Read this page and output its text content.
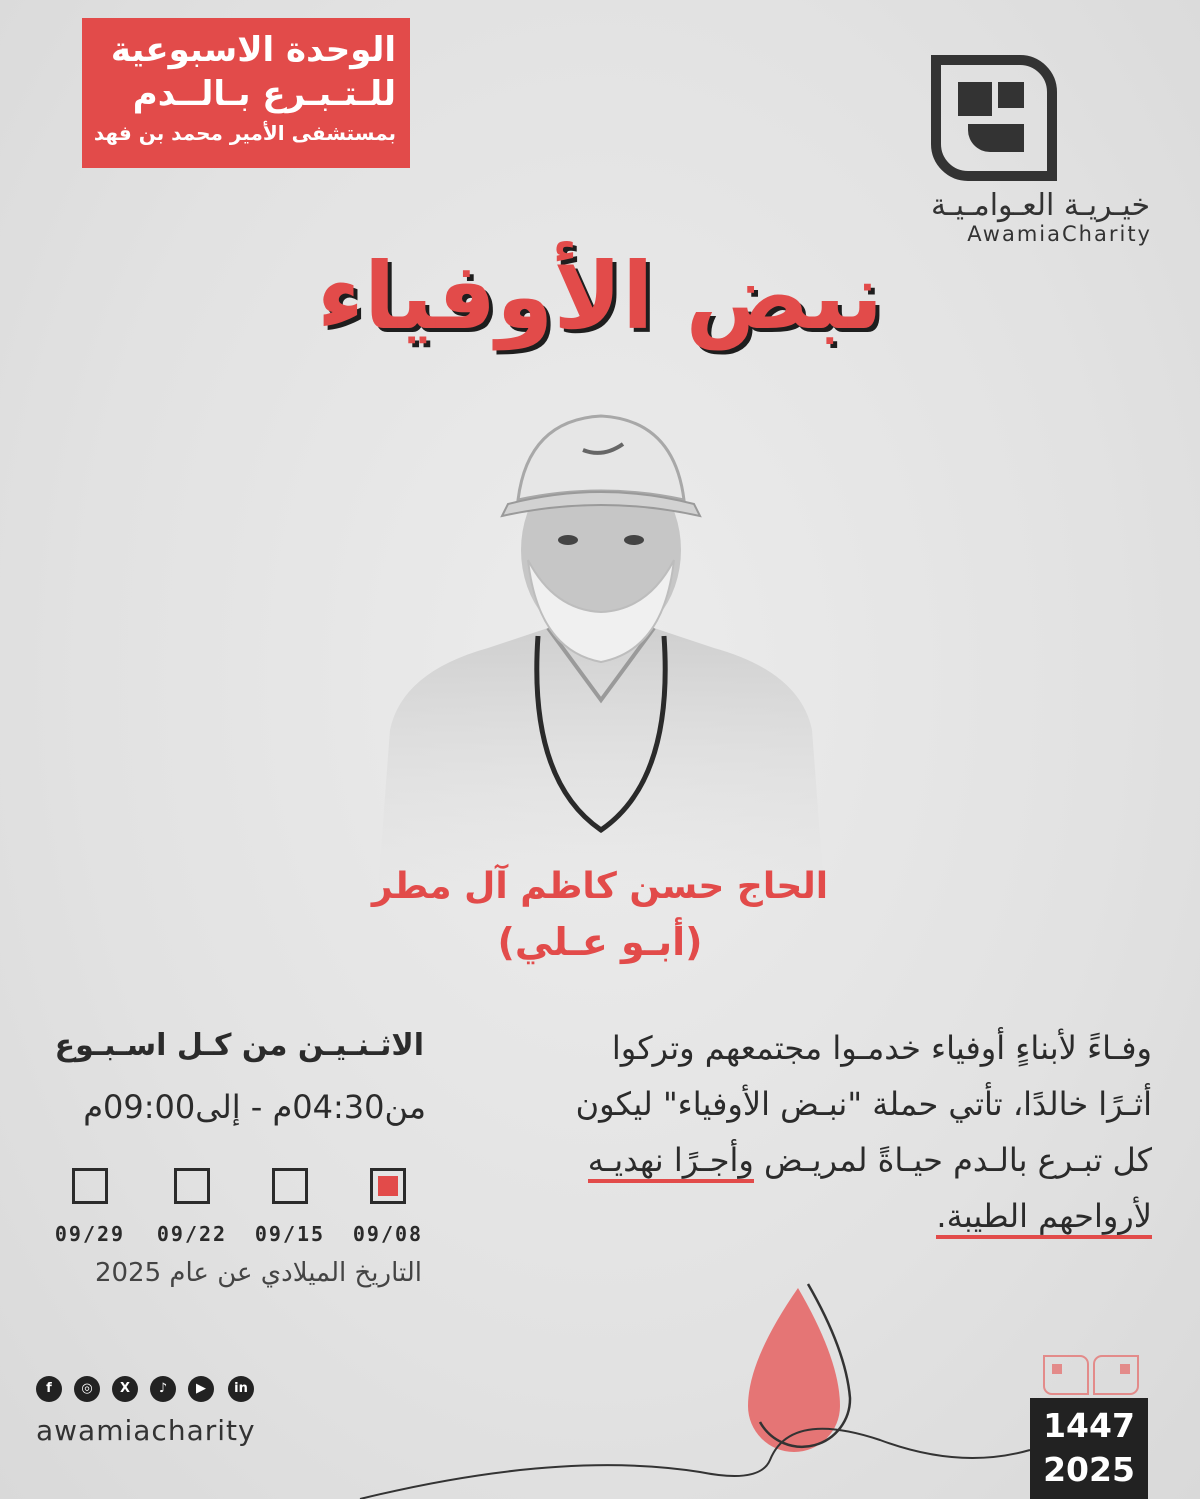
الوحدة الاسبوعية
للـتـبـرع بـالــدم
بمستشفى الأمير محمد بن فهد
خيـريـة العـوامـيـة
AwamiaCharity
نبض الأوفياء
الحاج حسن كاظم آل مطر
(أبـو عـلي)
وفـاءً لأبناءٍ أوفياء خدمـوا مجتمعهم وتركوا
أثـرًا خالدًا، تأتي حملة "نبـض الأوفياء" ليكون
كل تبـرع بالـدم حيـاةً لمريـض وأجـرًا نهديـه
لأرواحهم الطيبة.
الاثـنـيـن من كـل اسـبـوع
من04:30م - إلى09:00م
09/08
09/15
09/22
09/29
التاريخ الميلادي عن عام 2025
f	◎	X	♪	▶	in
awamiacharity	1447
2025
